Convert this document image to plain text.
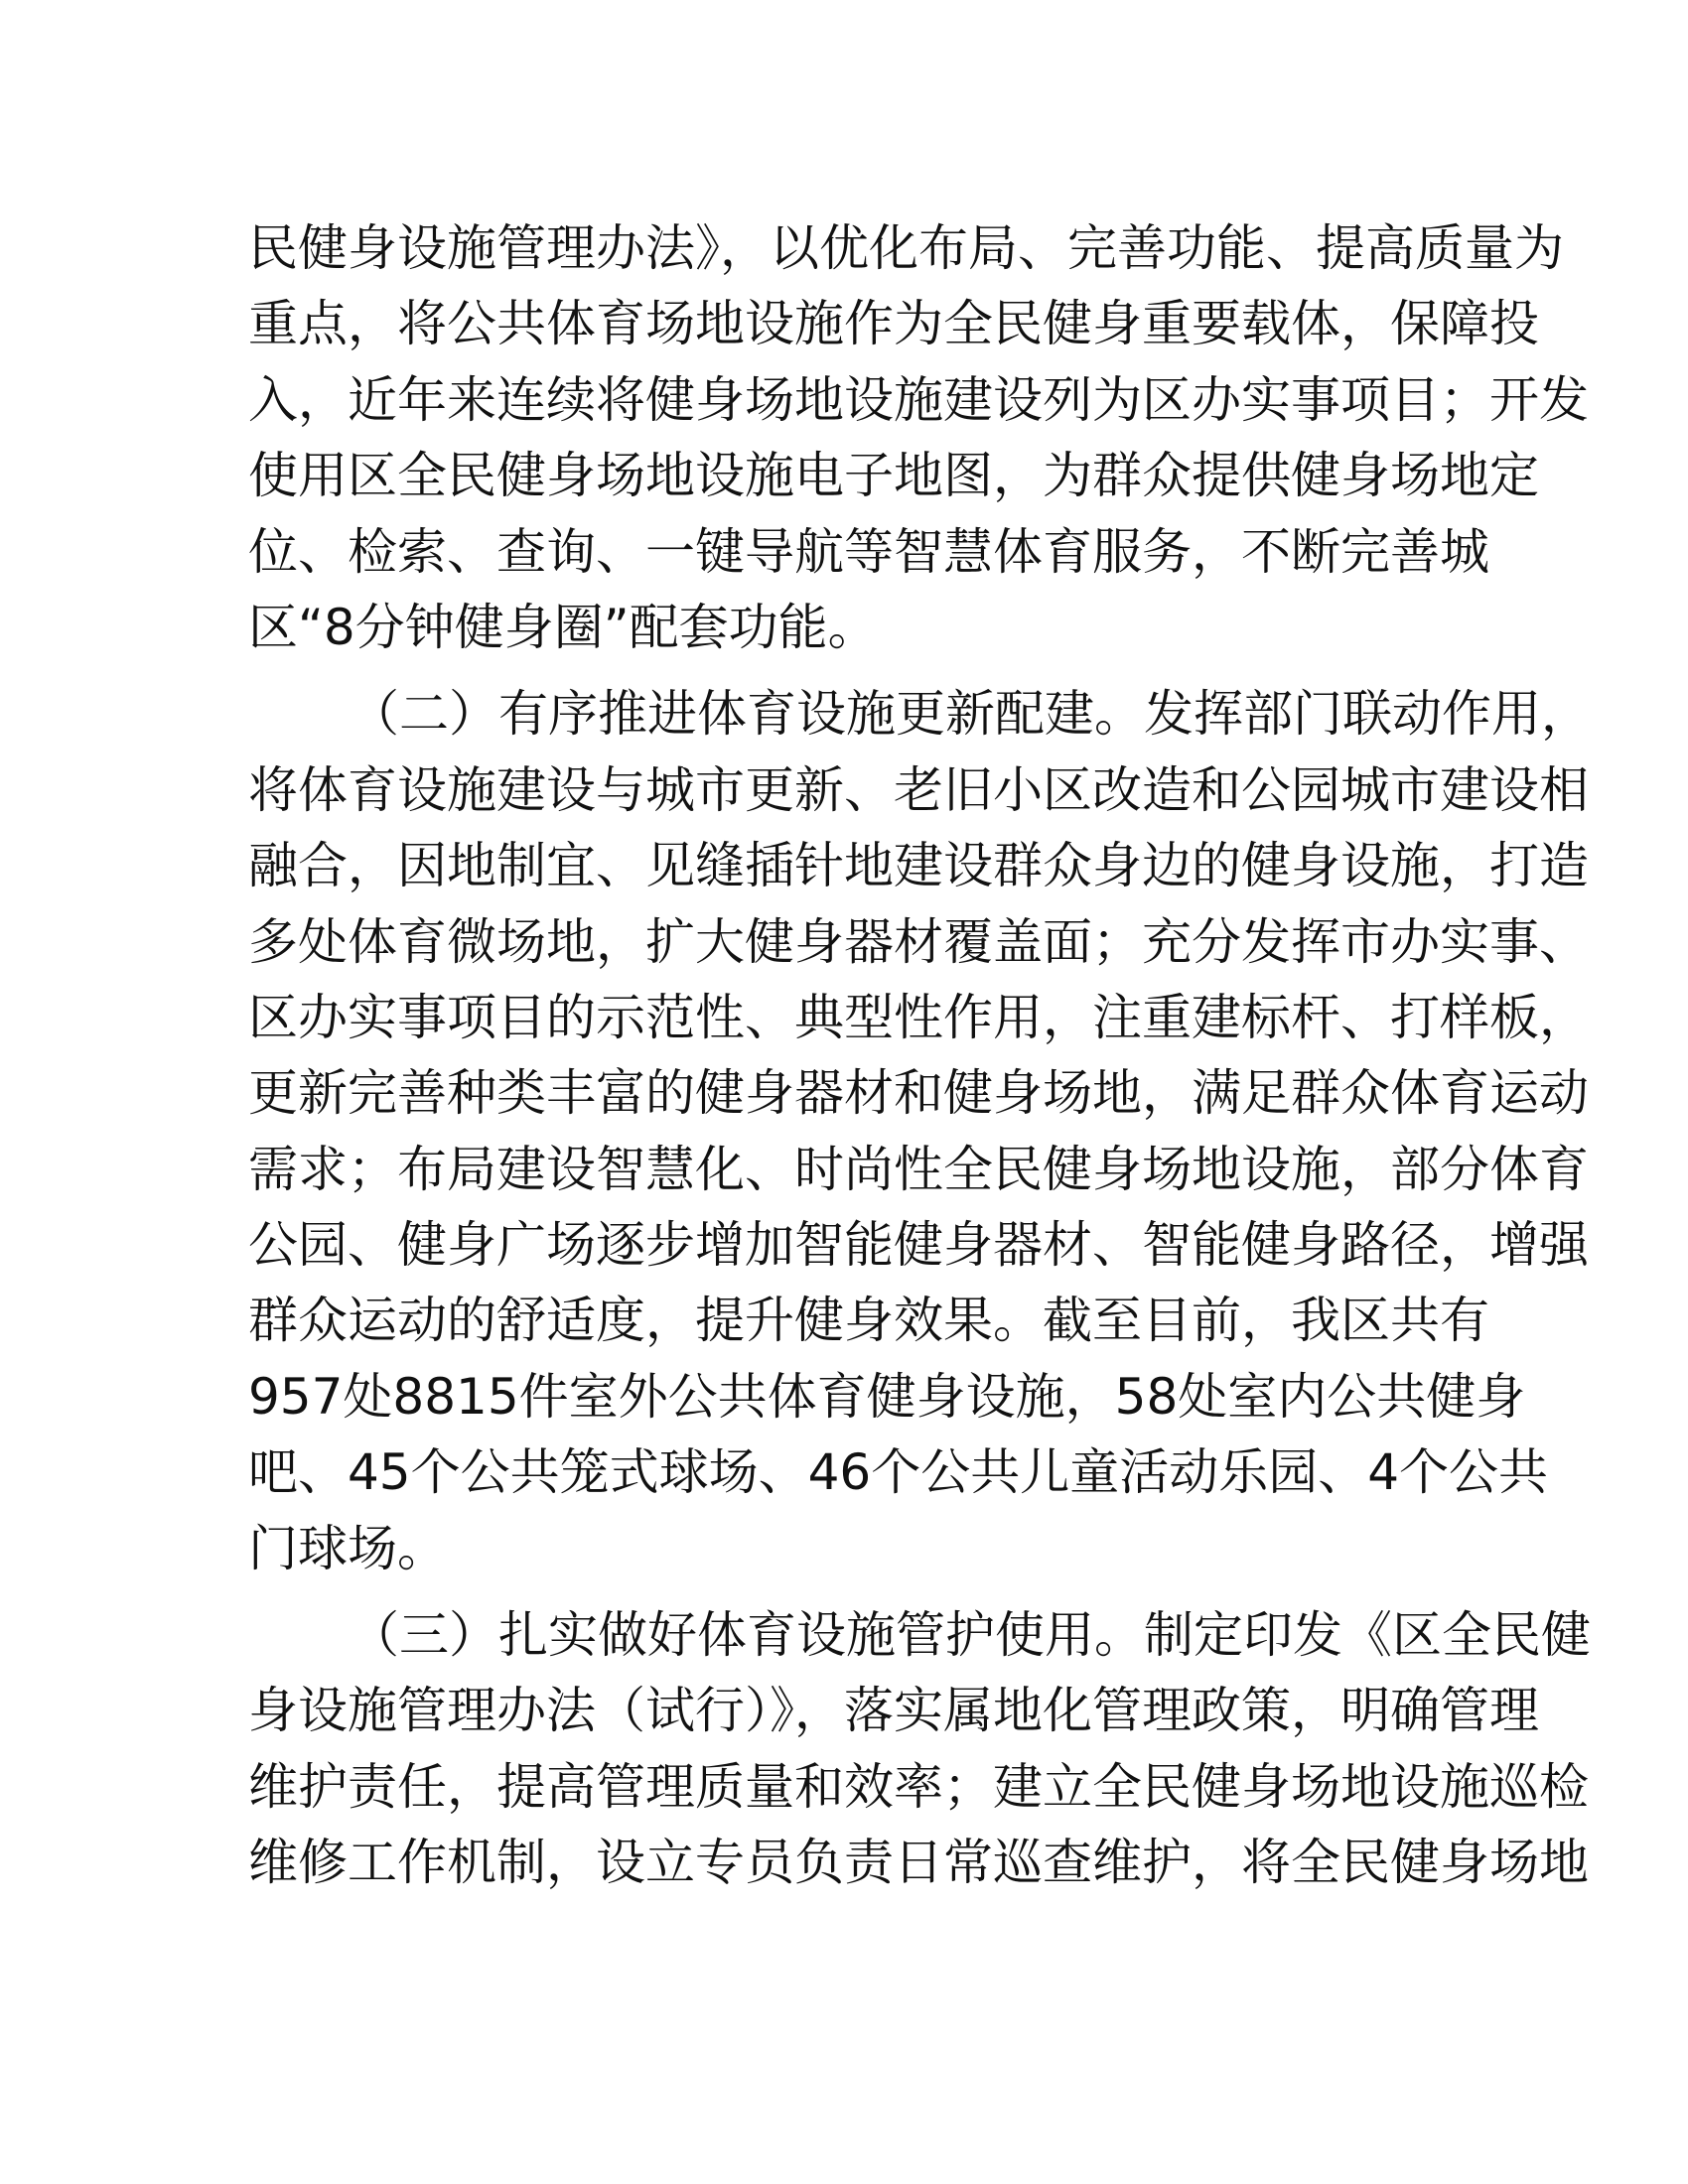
民健身设施管理办法》，以优化布局、完善功能、提高质量为
重点，将公共体育场地设施作为全民健身重要载体，保障投
入，近年来连续将健身场地设施建设列为区办实事项目；开发
使用区全民健身场地设施电子地图，为群众提供健身场地定
位、检索、查询、一键导航等智慧体育服务，不断完善城
区“8分钟健身圈”配套功能。
（二）有序推进体育设施更新配建。发挥部门联动作用，
将体育设施建设与城市更新、老旧小区改造和公园城市建设相
融合，因地制宜、见缝插针地建设群众身边的健身设施，打造
多处体育微场地，扩大健身器材覆盖面；充分发挥市办实事、
区办实事项目的示范性、典型性作用，注重建标杆、打样板，
更新完善种类丰富的健身器材和健身场地，满足群众体育运动
需求；布局建设智慧化、时尚性全民健身场地设施，部分体育
公园、健身广场逐步增加智能健身器材、智能健身路径，增强
群众运动的舒适度，提升健身效果。截至目前，我区共有
957处8815件室外公共体育健身设施，58处室内公共健身
吧、45个公共笼式球场、46个公共儿童活动乐园、4个公共
门球场。
（三）扎实做好体育设施管护使用。制定印发《区全民健
身设施管理办法（试行）》，落实属地化管理政策，明确管理
维护责任，提高管理质量和效率；建立全民健身场地设施巡检
维修工作机制，设立专员负责日常巡查维护，将全民健身场地
